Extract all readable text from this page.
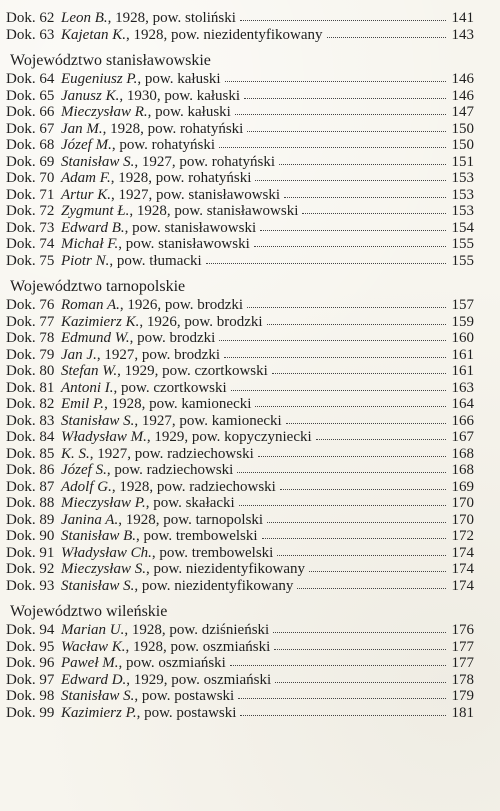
Dok. 62 Leon B. , 1928, pow. stoliński	141
Dok. 63 Kajetan K. , 1928, pow. niezidentyfikowany	143
Województwo stanisławowskie
Dok. 64 Eugeniusz P. , pow. kałuski	146
Dok. 65 Janusz K. , 1930, pow. kałuski	146
Dok. 66 Mieczysław R. , pow. kałuski	147
Dok. 67 Jan M. , 1928, pow. rohatyński	150
Dok. 68 Józef M. , pow. rohatyński	150
Dok. 69 Stanisław S. , 1927, pow. rohatyński	151
Dok. 70 Adam F. , 1928, pow. rohatyński	153
Dok. 71 Artur K. , 1927, pow. stanisławowski	153
Dok. 72 Zygmunt Ł. , 1928, pow. stanisławowski	153
Dok. 73 Edward B. , pow. stanisławowski	154
Dok. 74 Michał F. , pow. stanisławowski	155
Dok. 75 Piotr N. , pow. tłumacki	155
Województwo tarnopolskie
Dok. 76 Roman A. , 1926, pow. brodzki	157
Dok. 77 Kazimierz K. , 1926, pow. brodzki	159
Dok. 78 Edmund W. , pow. brodzki	160
Dok. 79 Jan J. , 1927, pow. brodzki	161
Dok. 80 Stefan W. , 1929, pow. czortkowski	161
Dok. 81 Antoni I. , pow. czortkowski	163
Dok. 82 Emil P. , 1928, pow. kamionecki	164
Dok. 83 Stanisław S. , 1927, pow. kamionecki	166
Dok. 84 Władysław M. , 1929, pow. kopyczyniecki	167
Dok. 85 K. S. , 1927, pow. radziechowski	168
Dok. 86 Józef S. , pow. radziechowski	168
Dok. 87 Adolf G. , 1928, pow. radziechowski	169
Dok. 88 Mieczysław P. , pow. skałacki	170
Dok. 89 Janina A. , 1928, pow. tarnopolski	170
Dok. 90 Stanisław B. , pow. trembowelski	172
Dok. 91 Władysław Ch. , pow. trembowelski	174
Dok. 92 Mieczysław S. , pow. niezidentyfikowany	174
Dok. 93 Stanisław S. , pow. niezidentyfikowany	174
Województwo wileńskie
Dok. 94 Marian U. , 1928, pow. dziśnieński	176
Dok. 95 Wacław K. , 1928, pow. oszmiański	177
Dok. 96 Paweł M. , pow. oszmiański	177
Dok. 97 Edward D. , 1929, pow. oszmiański	178
Dok. 98 Stanisław S. , pow. postawski	179
Dok. 99 Kazimierz P. , pow. postawski	181
